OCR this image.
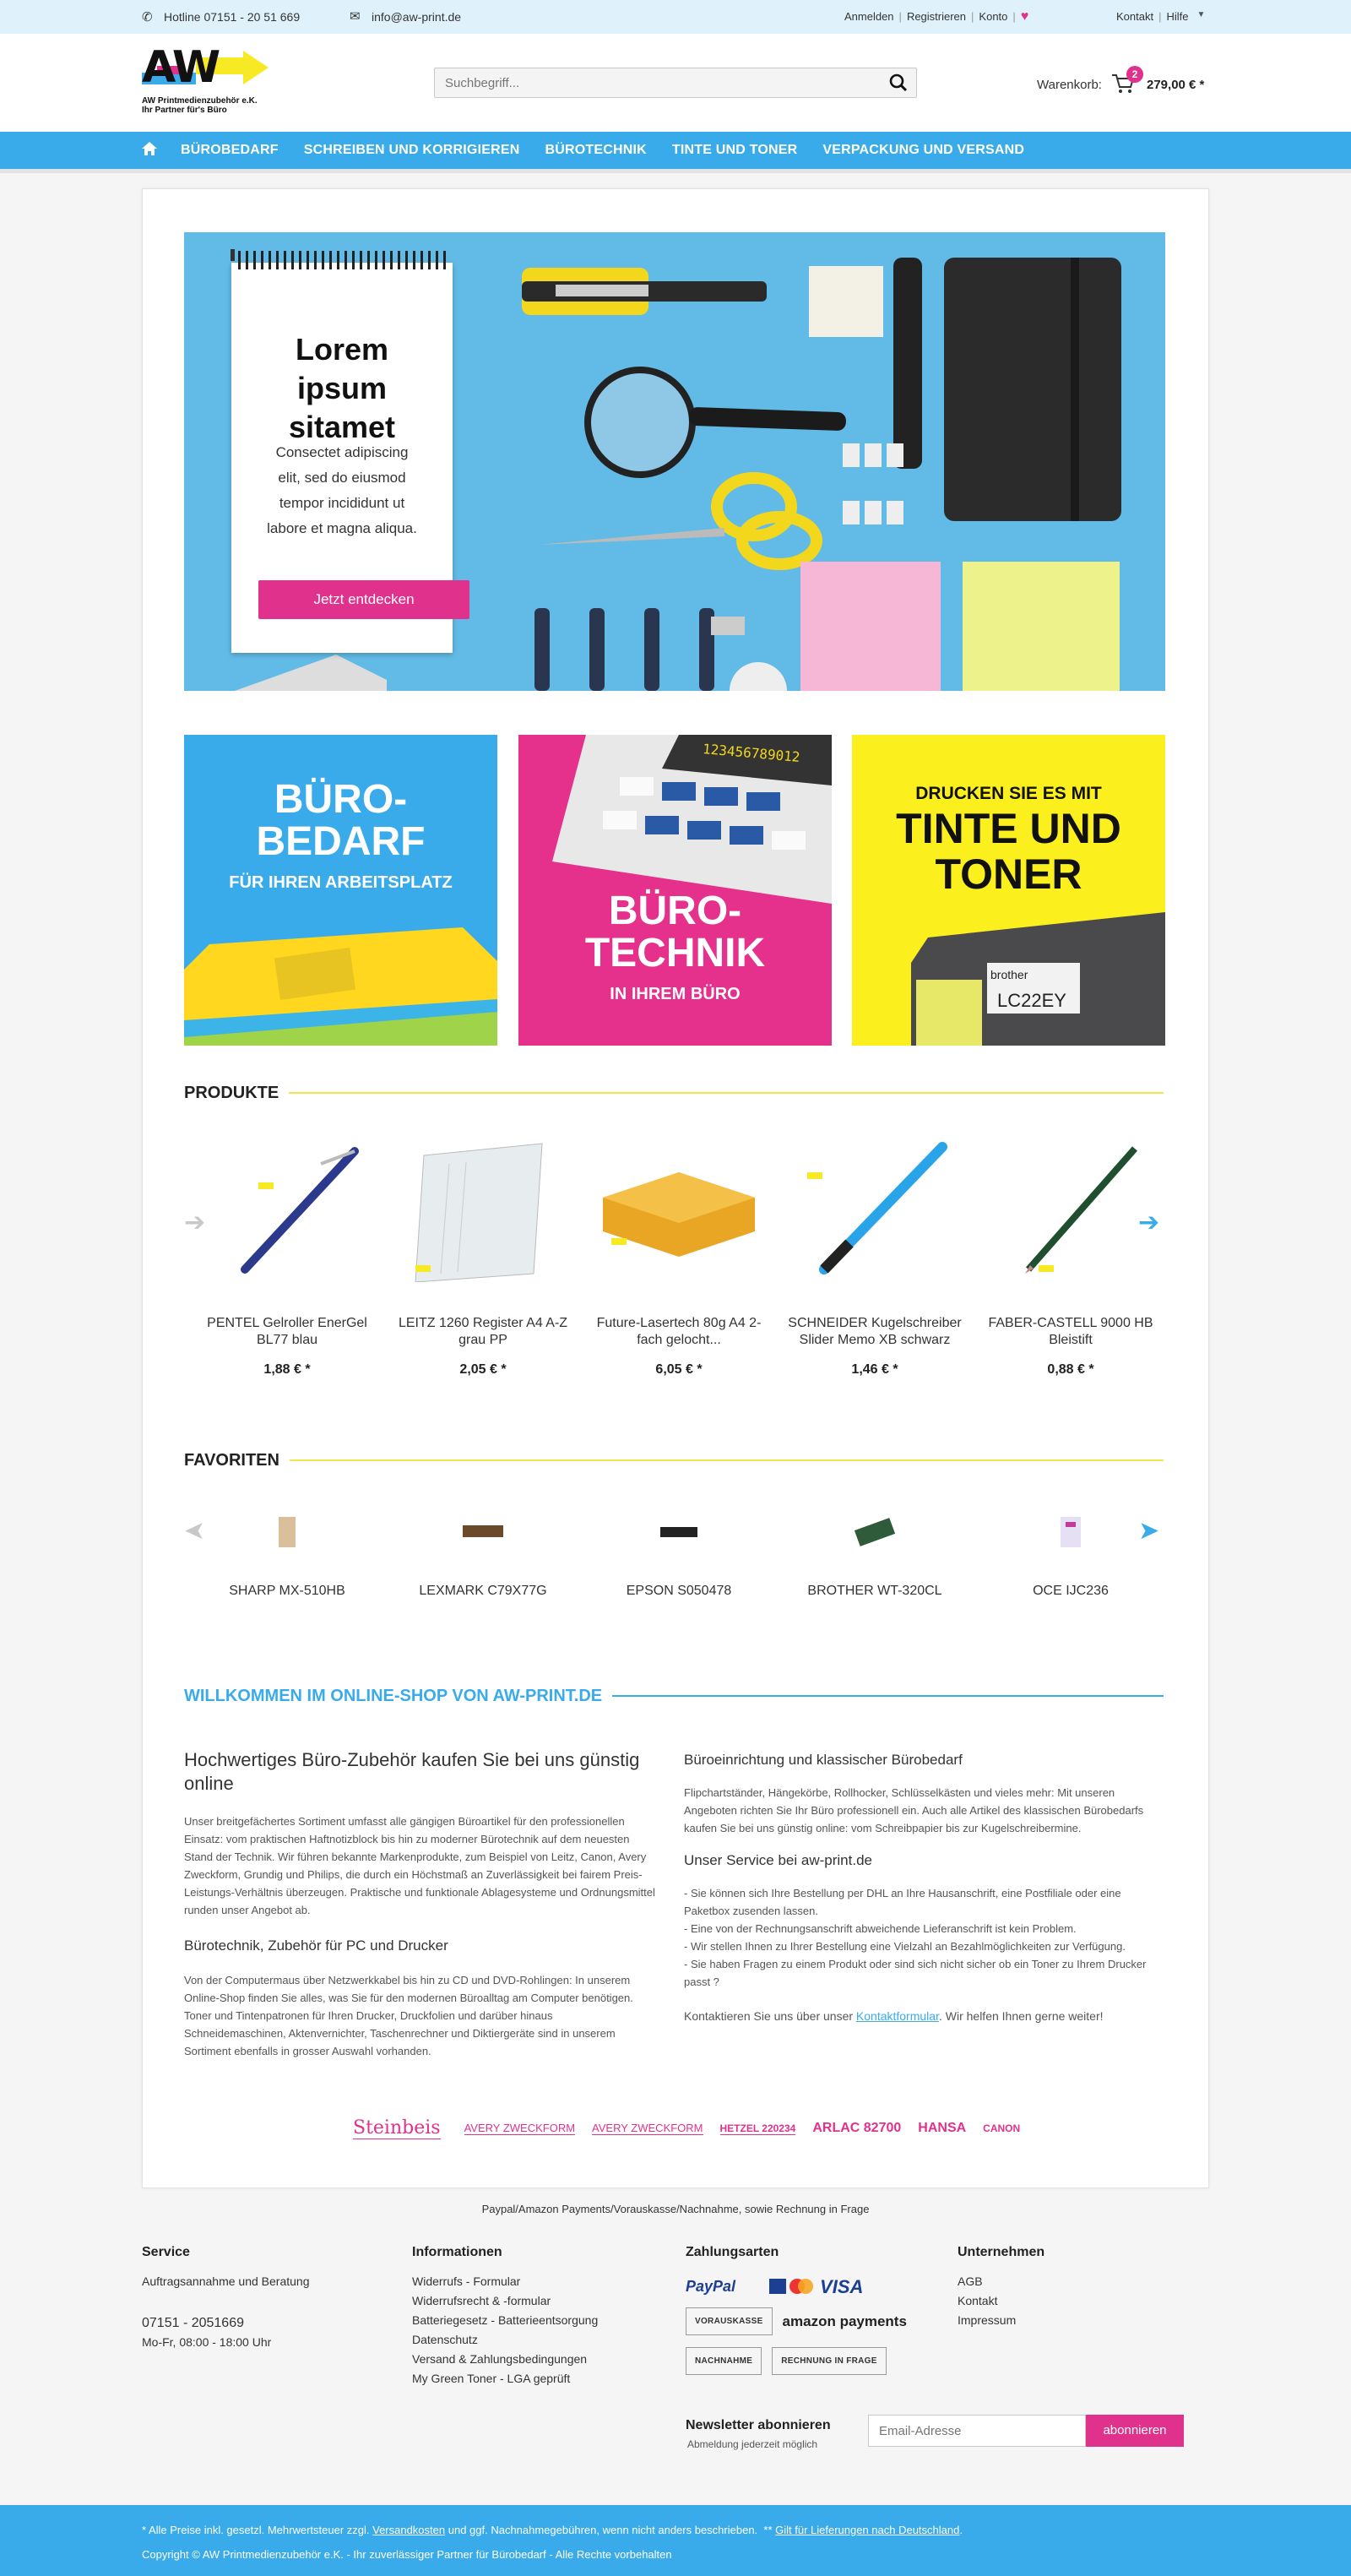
✆ Hotline 07151 - 20 51 669	✉ info@aw-print.de	Anmelden | Registrieren | Konto | ♥	Kontakt | Hilfe ▼
AW
AW Printmedienzubehör e.K.
Ihr Partner für's Büro
Suchbegriff...
Warenkorb:
2
279,00 € *
BÜROBEDARF SCHREIBEN UND KORRIGIEREN BÜROTECHNIK TINTE UND TONER VERPACKUNG UND VERSAND
Lorem ipsum sitamet
Consectet adipiscing elit, sed do eiusmod tempor incididunt ut labore et magna aliqua.
Jetzt entdecken
BÜRO-
BEDARF
FÜR IHREN ARBEITSPLATZ
123456789012
BÜRO-
TECHNIK
IN IHREM BÜRO
DRUCKEN SIE ES MIT
TINTE UND
TONER
brother
LC22EY
PRODUKTE
➔	➔
PENTEL Gelroller EnerGel BL77 blau
1,88 € *
LEITZ 1260 Register A4 A-Z grau PP
2,05 € *
Future-Lasertech 80g A4 2-fach gelocht...
6,05 € *
SCHNEIDER Kugelschreiber Slider Memo XB schwarz
1,46 € *
FABER-CASTELL 9000 HB Bleistift
0,88 € *
FAVORITEN
➤	➤
SHARP MX-510HB	LEXMARK C79X77G	EPSON S050478	BROTHER WT-320CL	OCE IJC236
WILLKOMMEN IM ONLINE-SHOP VON AW-PRINT.DE
Hochwertiges Büro-Zubehör kaufen Sie bei uns günstig online
Unser breitgefächertes Sortiment umfasst alle gängigen Büroartikel für den professionellen Einsatz: vom praktischen Haftnotizblock bis hin zu moderner Bürotechnik auf dem neuesten Stand der Technik. Wir führen bekannte Markenprodukte, zum Beispiel von Leitz, Canon, Avery Zweckform, Grundig und Philips, die durch ein Höchstmaß an Zuverlässigkeit bei fairem Preis-Leistungs-Verhältnis überzeugen. Praktische und funktionale Ablagesysteme und Ordnungsmittel runden unser Angebot ab.
Bürotechnik, Zubehör für PC und Drucker
Von der Computermaus über Netzwerkkabel bis hin zu CD und DVD-Rohlingen: In unserem Online-Shop finden Sie alles, was Sie für den modernen Büroalltag am Computer benötigen. Toner und Tintenpatronen für Ihren Drucker, Druckfolien und darüber hinaus Schneidemaschinen, Aktenvernichter, Taschenrechner und Diktiergeräte sind in unserem Sortiment ebenfalls in grosser Auswahl vorhanden.
Büroeinrichtung und klassischer Bürobedarf
Flipchartständer, Hängekörbe, Rollhocker, Schlüsselkästen und vieles mehr: Mit unseren Angeboten richten Sie Ihr Büro professionell ein. Auch alle Artikel des klassischen Bürobedarfs kaufen Sie bei uns günstig online: vom Schreibpapier bis zur Kugelschreibermine.
Unser Service bei aw-print.de
- Sie können sich Ihre Bestellung per DHL an Ihre Hausanschrift, eine Postfiliale oder eine Paketbox zusenden lassen.
- Eine von der Rechnungsanschrift abweichende Lieferanschrift ist kein Problem.
- Wir stellen Ihnen zu Ihrer Bestellung eine Vielzahl an Bezahlmöglichkeiten zur Verfügung.
- Sie haben Fragen zu einem Produkt oder sind sich nicht sicher ob ein Toner zu Ihrem Drucker passt ?
Kontaktieren Sie uns über unser Kontaktformular. Wir helfen Ihnen gerne weiter!
Steinbeis AVERY ZWECKFORM AVERY ZWECKFORM HETZEL 220234 ARLAC 82700 HANSA CANON
Paypal/Amazon Payments/Vorauskasse/Nachnahme, sowie Rechnung in Frage
Service
Auftragsannahme und Beratung
07151 - 2051669
Mo-Fr, 08:00 - 18:00 Uhr
Informationen
Widerrufs - Formular
Widerrufsrecht & -formular
Batteriegesetz - Batterieentsorgung
Datenschutz
Versand & Zahlungsbedingungen
My Green Toner - LGA geprüft
Zahlungsarten
PayPal	VISA
VORAUSKASSE	amazon payments
NACHNAHME	RECHNUNG IN FRAGE
Unternehmen
AGB
Kontakt
Impressum
Newsletter abonnieren
Abmeldung jederzeit möglich
Email-Adresse
abonnieren
* Alle Preise inkl. gesetzl. Mehrwertsteuer zzgl. Versandkosten und ggf. Nachnahmegebühren, wenn nicht anders beschrieben.  ** Gilt für Lieferungen nach Deutschland.
Copyright © AW Printmedienzubehör e.K. - Ihr zuverlässiger Partner für Bürobedarf - Alle Rechte vorbehalten
